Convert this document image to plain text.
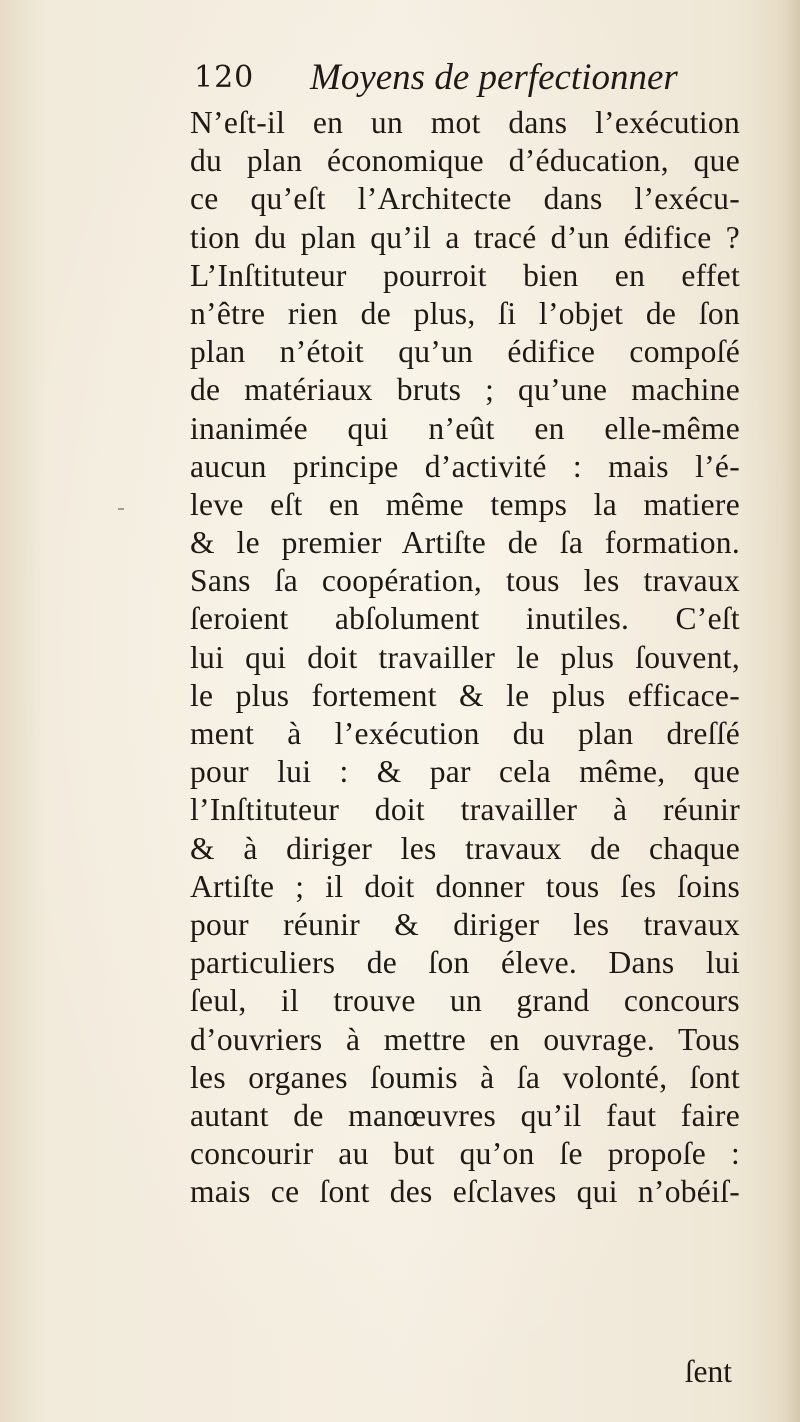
120 Moyens de perfectionner
N’eſt-il en un mot dans l’exécution
du plan économique d’éducation, que
ce qu’eſt l’Architecte dans l’exécu-
tion du plan qu’il a tracé d’un édifice ?
L’Inſtituteur pourroit bien en effet
n’être rien de plus, ſi l’objet de ſon
plan n’étoit qu’un édifice compoſé
de matériaux bruts ; qu’une machine
inanimée qui n’eût en elle-même
aucun principe d’activité : mais l’é-
leve eſt en même temps la matiere
& le premier Artiſte de ſa formation.
Sans ſa coopération, tous les travaux
ſeroient abſolument inutiles. C’eſt
lui qui doit travailler le plus ſouvent,
le plus fortement & le plus efficace-
ment à l’exécution du plan dreſſé
pour lui : & par cela même, que
l’Inſtituteur doit travailler à réunir
& à diriger les travaux de chaque
Artiſte ; il doit donner tous ſes ſoins
pour réunir & diriger les travaux
particuliers de ſon éleve. Dans lui
ſeul, il trouve un grand concours
d’ouvriers à mettre en ouvrage. Tous
les organes ſoumis à ſa volonté, ſont
autant de manœuvres qu’il faut faire
concourir au but qu’on ſe propoſe :
mais ce ſont des eſclaves qui n’obéiſ-
ſent
